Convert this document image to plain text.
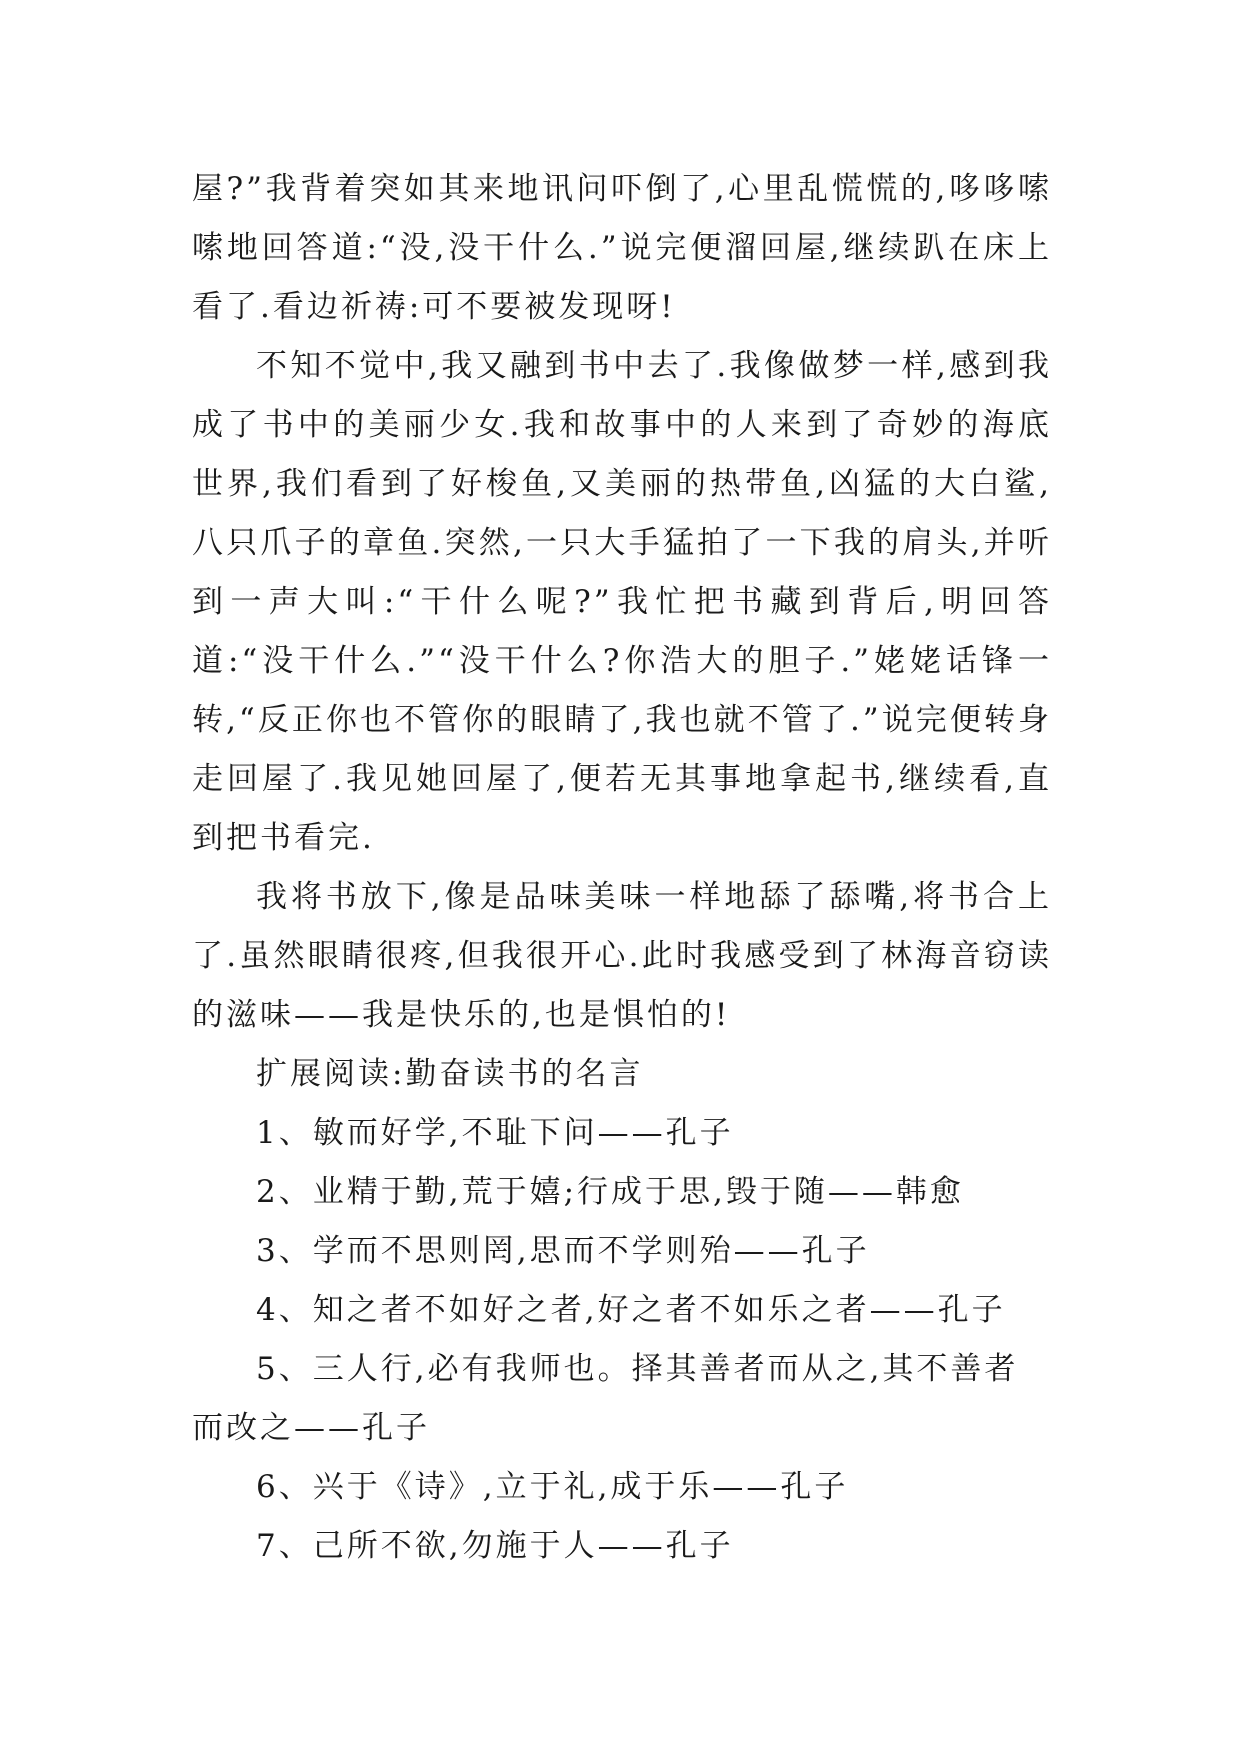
屋?”我背着突如其来地讯问吓倒了,心里乱慌慌的,哆哆嗦嗦地回答道:“没,没干什么.”说完便溜回屋,继续趴在床上看了.看边祈祷:可不要被发现呀!

不知不觉中,我又融到书中去了.我像做梦一样,感到我成了书中的美丽少女.我和故事中的人来到了奇妙的海底世界,我们看到了好梭鱼,又美丽的热带鱼,凶猛的大白鲨,八只爪子的章鱼.突然,一只大手猛拍了一下我的肩头,并听到一声大叫:“干什么呢?”我忙把书藏到背后,明回答道:“没干什么.”“没干什么?你浩大的胆子.”姥姥话锋一转,“反正你也不管你的眼睛了,我也就不管了.”说完便转身走回屋了.我见她回屋了,便若无其事地拿起书,继续看,直到把书看完.

我将书放下,像是品味美味一样地舔了舔嘴,将书合上了.虽然眼睛很疼,但我很开心.此时我感受到了林海音窃读的滋味——我是快乐的,也是惧怕的!

扩展阅读:勤奋读书的名言

1、敏而好学,不耻下问——孔子

2、业精于勤,荒于嬉;行成于思,毁于随——韩愈

3、学而不思则罔,思而不学则殆——孔子

4、知之者不如好之者,好之者不如乐之者——孔子

5、三人行,必有我师也。择其善者而从之,其不善者而改之——孔子

6、兴于《诗》,立于礼,成于乐——孔子

7、己所不欲,勿施于人——孔子
